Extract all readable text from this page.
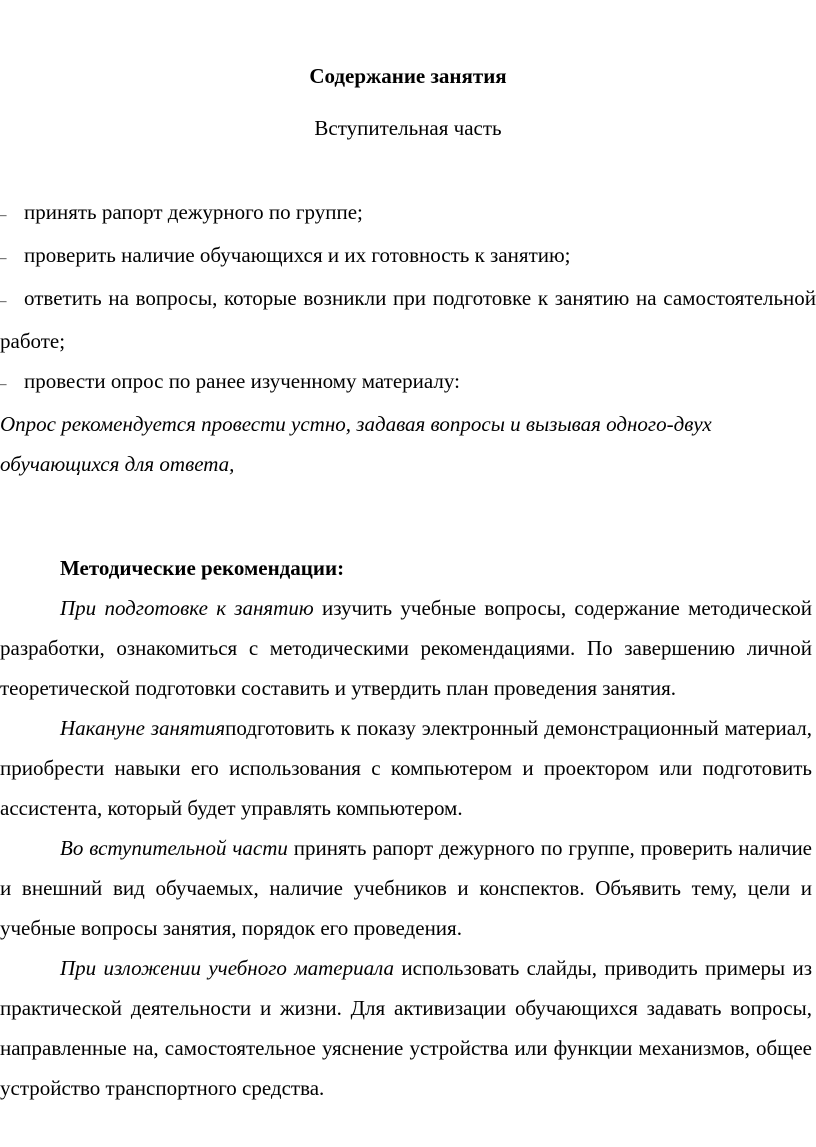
Содержание занятия

Вступительная часть

– принять рапорт дежурного по группе;
– проверить наличие обучающихся и их готовность к занятию;
– ответить на вопросы, которые возникли при подготовке к занятию на самостоятельной работе;
– провести опрос по ранее изученному материалу:

Опрос рекомендуется провести устно, задавая вопросы и вызывая одного-двух обучающихся для ответа,

Методические рекомендации:

При подготовке к занятию изучить учебные вопросы, содержание методической разработки, ознакомиться с методическими рекомендациями. По завершению личной теоретической подготовки составить и утвердить план проведения занятия.

Накануне занятияподготовить к показу электронный демонстрационный материал, приобрести навыки его использования с компьютером и проектором или подготовить ассистента, который будет управлять компьютером.

Во вступительной части принять рапорт дежурного по группе, проверить наличие и внешний вид обучаемых, наличие учебников и конспектов. Объявить тему, цели и учебные вопросы занятия, порядок его проведения.

При изложении учебного материала использовать слайды, приводить примеры из практической деятельности и жизни. Для активизации обучающихся задавать вопросы, направленные на, самостоятельное уяснение устройства или функции механизмов, общее устройство транспортного средства.
